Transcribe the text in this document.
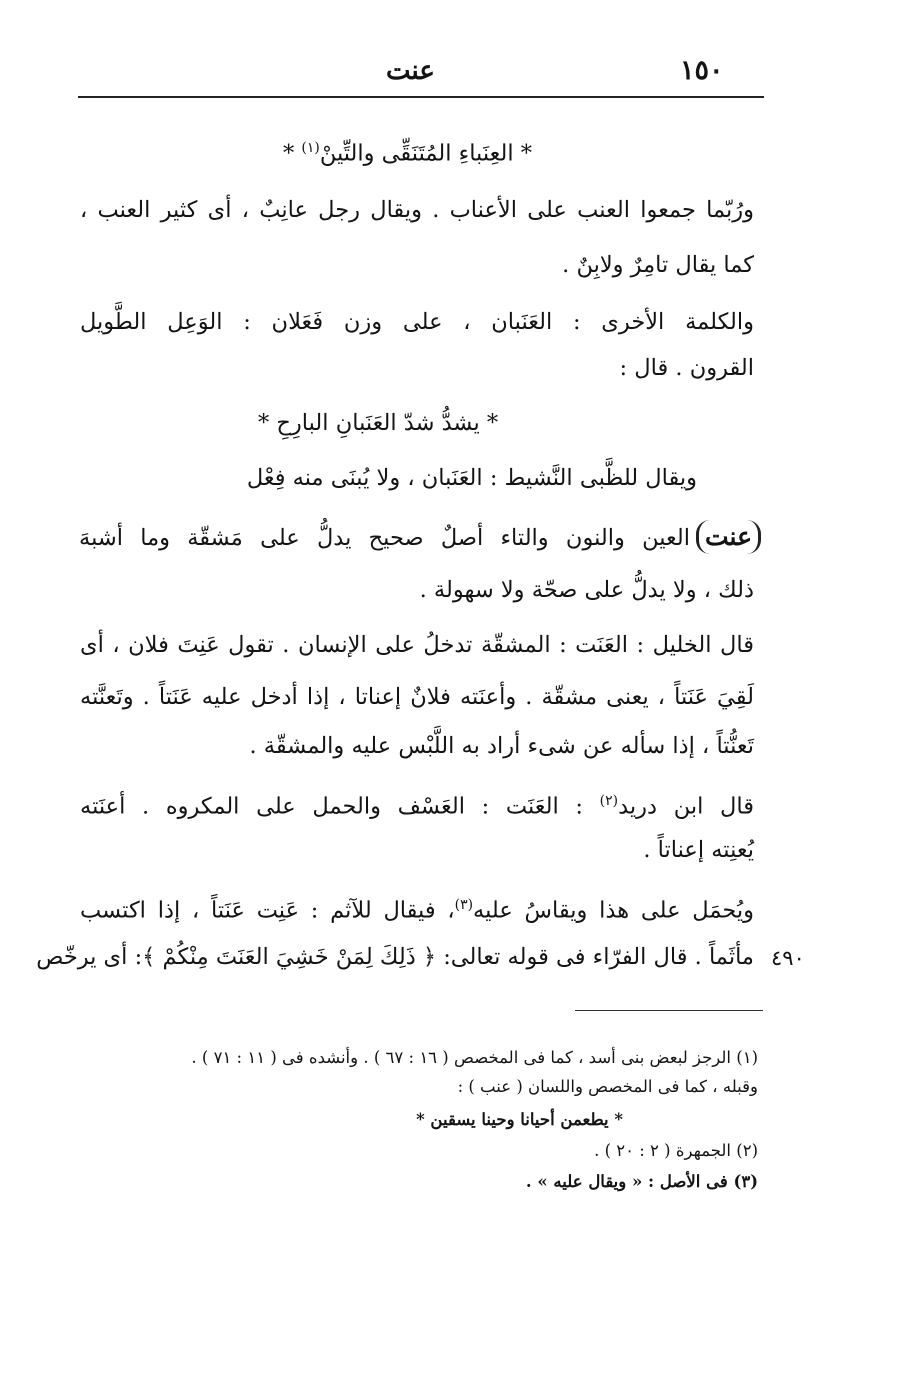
١٥٠
عنت
* العِنَباءِ المُتَنَقِّى والتِّينْ$^{(١)}$ *
ورُبّما جمعوا العنب على الأعناب . ويقال رجل عانِبٌ ، أى كثير العنب ،
كما يقال تامِرٌ ولابِنٌ .
والكلمة الأخرى : العَنَبان ، على وزن فَعَلان : الوَعِل الطَّويل
القرون . قال :
* يشدُّ شدّ العَنَبانِ البارِحِ *
ويقال للظَّبى النَّشيط : العَنَبان ، ولا يُبنَى منه فِعْل
عنتالعين والنون والتاء أصلٌ صحيح يدلُّ على مَشقّة وما أشبهَ
ذلك ، ولا يدلُّ على صحّة ولا سهولة .
قال الخليل : العَنَت : المشقّة تدخلُ على الإنسان . تقول عَنِتَ فلان ، أى
لَقِيَ عَنَتاً ، يعنى مشقّة . وأعنَته فلانٌ إعناتا ، إذا أدخل عليه عَنَتاً . وتَعنَّته
تَعنُّتاً ، إذا سأله عن شىء أراد به اللَّبْس عليه والمشقّة .
قال ابن دريد$^{(٢)}$ : العَنَت : العَسْف والحمل على المكروه . أعنَته
يُعنِته إعناتاً .
ويُحمَل على هذا ويقاسُ عليه$^{(٣)}$، فيقال للآثم : عَنِت عَنَتاً ، إذا اكتسب
مأثَماً . قال الفرّاء فى قوله تعالى: ﴿ ذَلِكَ لِمَنْ خَشِيَ العَنَتَ مِنْكُمْ ﴾: أى يرخّص ٤٩٠
(١) الرجز لبعض بنى أسد ، كما فى المخصص ( ١٦ : ٦٧ ) . وأنشده فى ( ١١ : ٧١ ) .
وقبله ، كما فى المخصص واللسان ( عنب ) :
* يطعمن أحيانا وحينا يسقين *
(٢) الجمهرة ( ٢ : ٢٠ ) .
(٣) فى الأصل : « ويقال عليه » .
